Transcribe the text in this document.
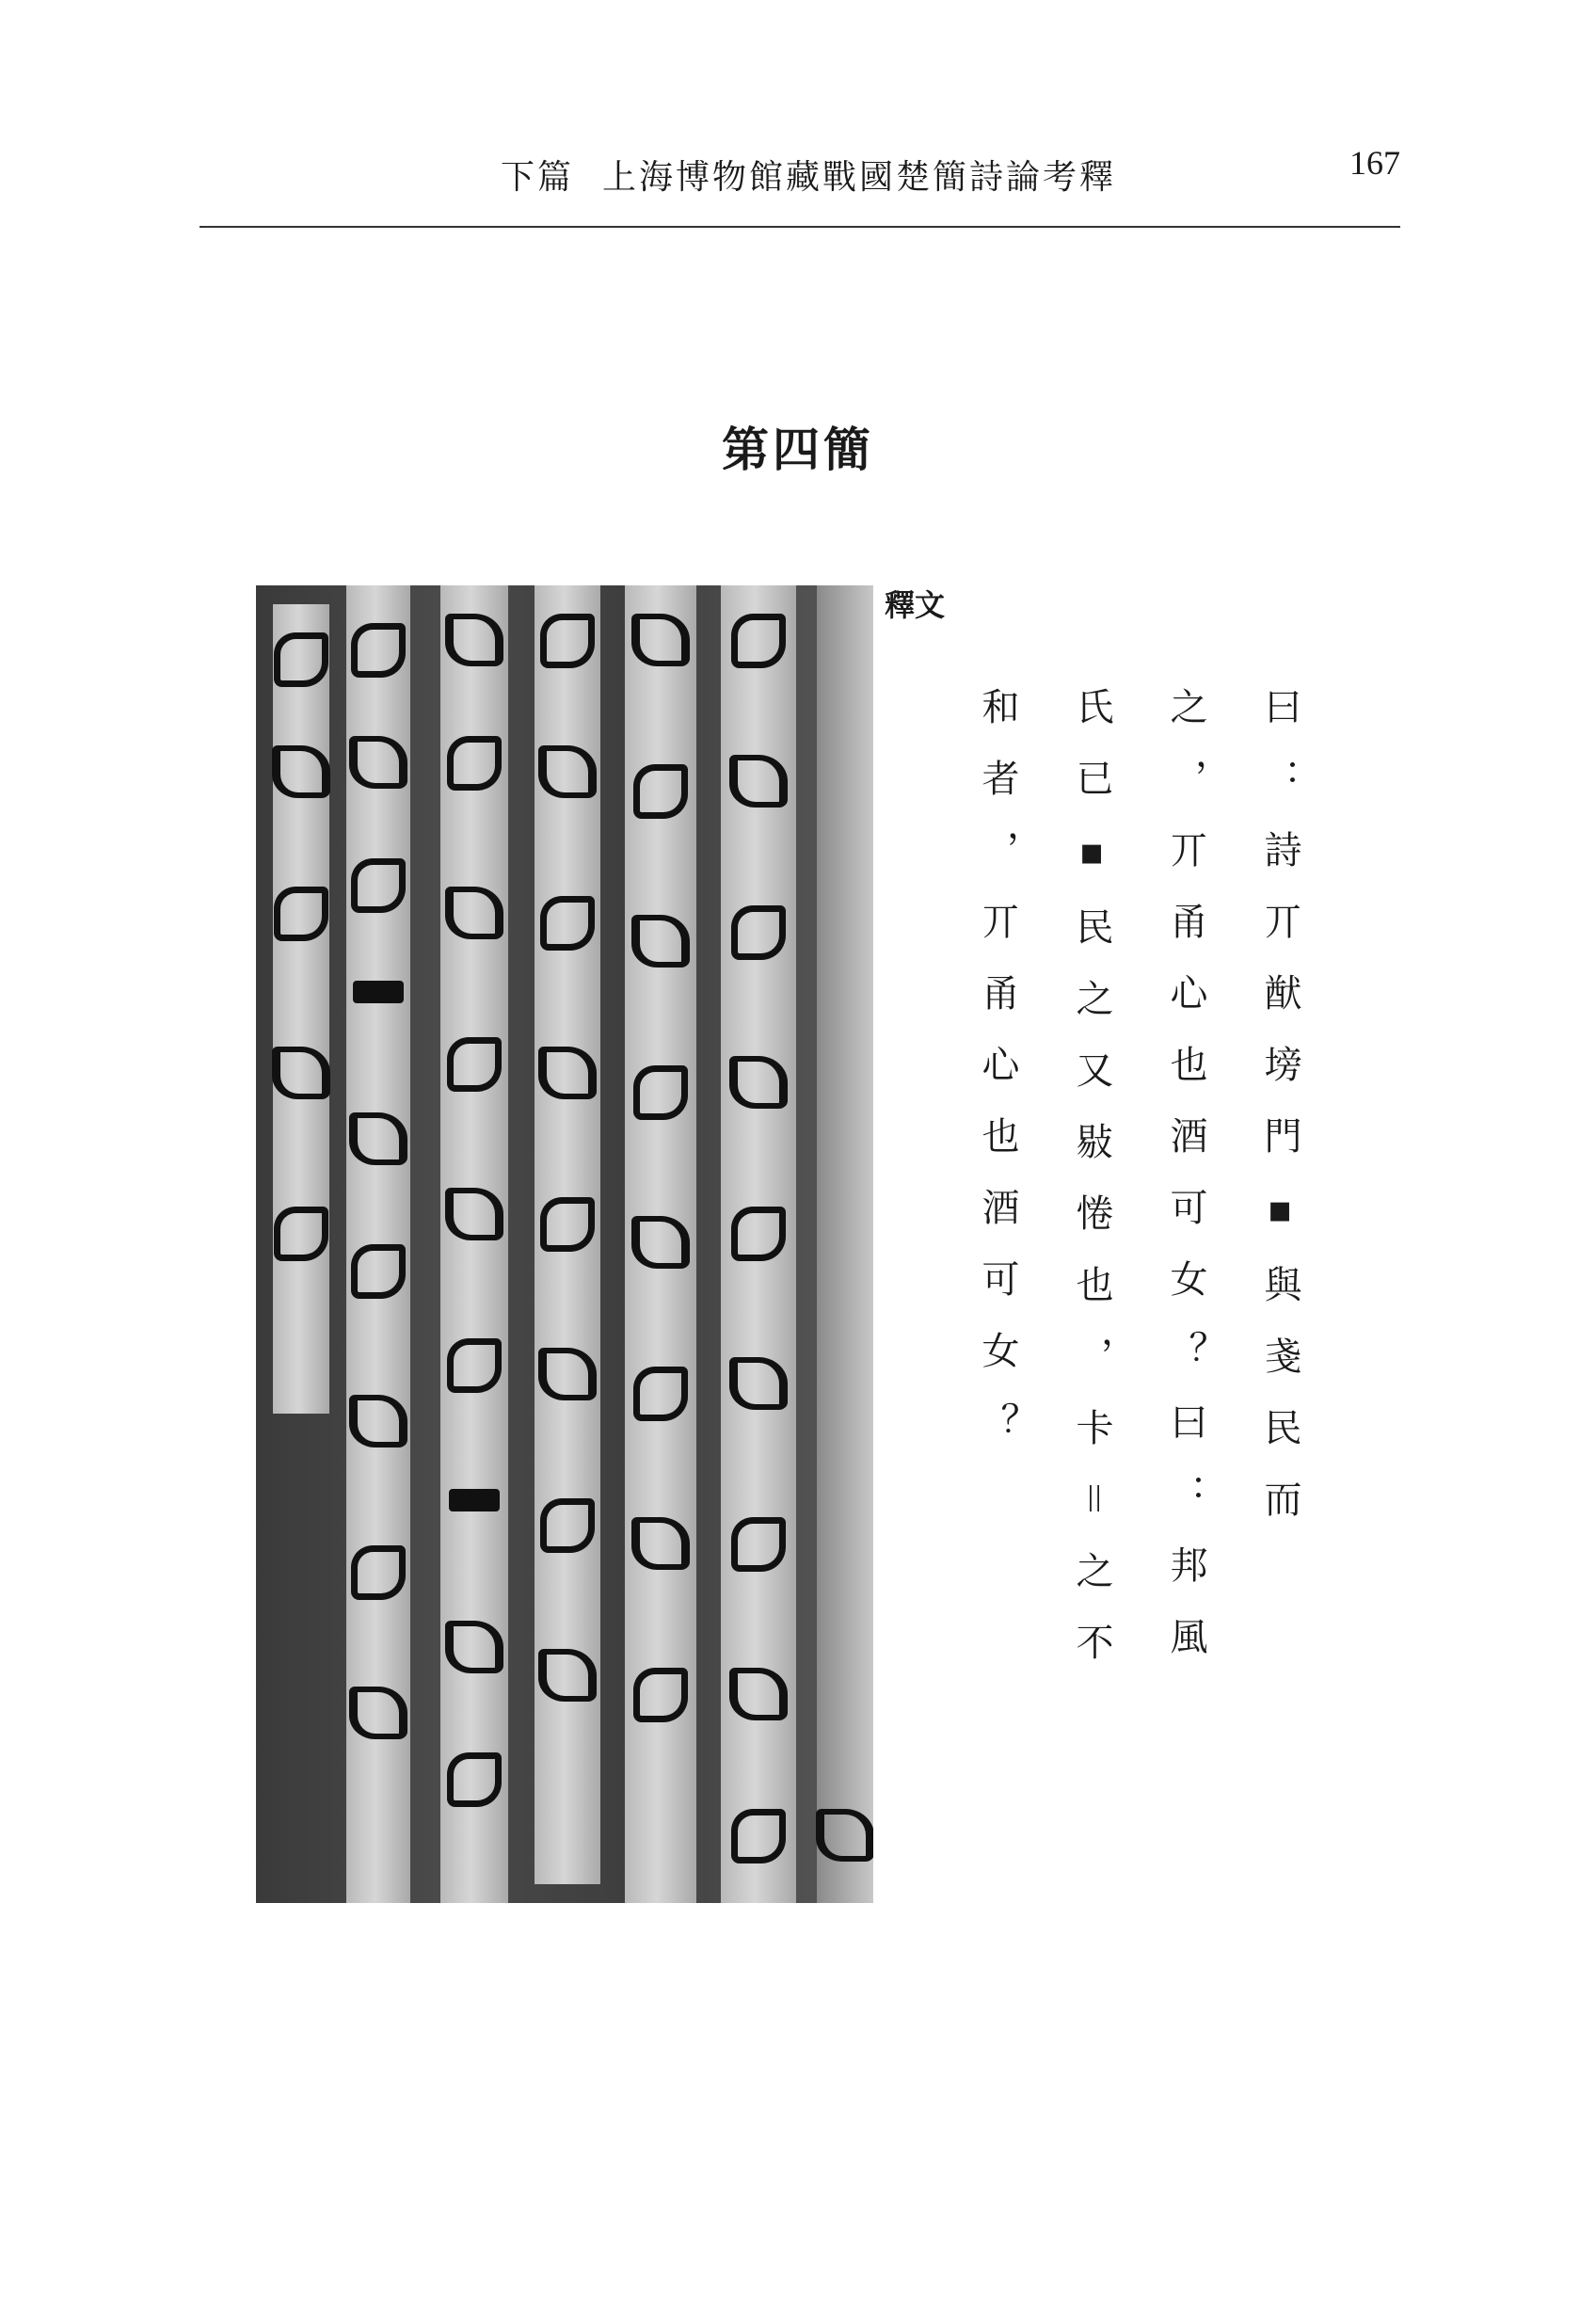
下篇 上海博物館藏戰國楚簡詩論考釋	167
第四簡
釋文
曰：詩丌猷塝門▪與戔民而
之，丌甬心也酒可女？曰：邦風
氏已▪民之又敡惓也，卡＝之不
和者，丌甬心也酒可女？
